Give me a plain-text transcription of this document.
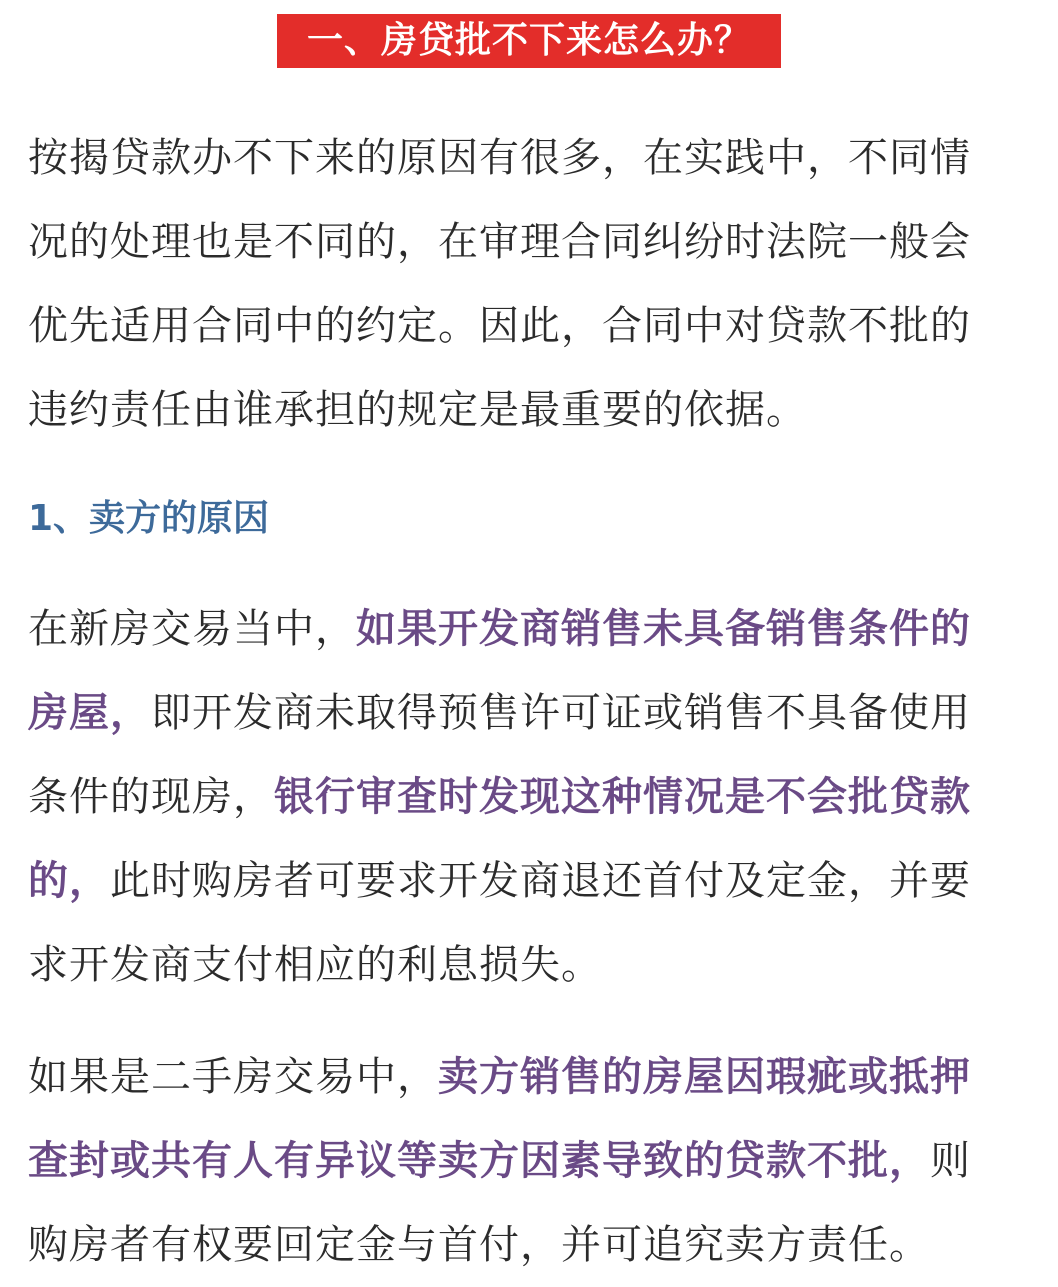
一、房贷批不下来怎么办？

按揭贷款办不下来的原因有很多，在实践中，不同情况的处理也是不同的，在审理合同纠纷时法院一般会优先适用合同中的约定。因此，合同中对贷款不批的违约责任由谁承担的规定是最重要的依据。

1、卖方的原因

在新房交易当中，如果开发商销售未具备销售条件的房屋，即开发商未取得预售许可证或销售不具备使用条件的现房，银行审查时发现这种情况是不会批贷款的，此时购房者可要求开发商退还首付及定金，并要求开发商支付相应的利息损失。

如果是二手房交易中，卖方销售的房屋因瑕疵或抵押查封或共有人有异议等卖方因素导致的贷款不批，则购房者有权要回定金与首付，并可追究卖方责任。
